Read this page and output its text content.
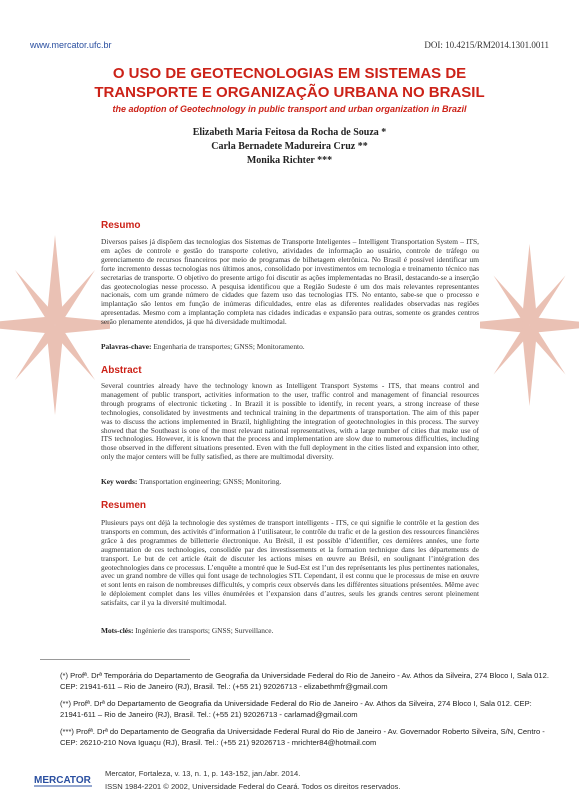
www.mercator.ufc.br	DOI: 10.4215/RM2014.1301.0011
O USO DE GEOTECNOLOGIAS EM SISTEMAS DE
TRANSPORTE E ORGANIZAÇÃO URBANA NO BRASIL
the adoption of Geotechnology in public transport and urban organization in Brazil
Elizabeth Maria Feitosa da Rocha de Souza *
Carla Bernadete Madureira Cruz **
Monika Richter ***
Resumo
Diversos países já dispõem das tecnologias dos Sistemas de Transporte Inteligentes – Intelligent Transportation System – ITS, em ações de controle e gestão do transporte coletivo, atividades de informação ao usuário, controle de tráfego ou gerenciamento de recursos financeiros por meio de programas de bilhetagem eletrônica. No Brasil é possível identificar um forte incremento dessas tecnologias nos últimos anos, consolidado por investimentos em tecnologia e treinamento técnico nas secretarias de transporte. O objetivo do presente artigo foi discutir as ações implementadas no Brasil, destacando-se a inserção das geotecnologias nesse processo. A pesquisa identificou que a Região Sudeste é um dos mais relevantes representantes nacionais, com um grande número de cidades que fazem uso das tecnologias ITS. No entanto, sabe-se que o processo e implantação são lentos em função de inúmeras dificuldades, entre elas as diferentes realidades observadas nas regiões apresentadas. Mesmo com a implantação completa nas cidades indicadas e expansão para outras, somente os grandes centros serão plenamente atendidos, já que há diversidade multimodal.
Palavras-chave: Engenharia de transportes; GNSS; Monitoramento.
Abstract
Several countries already have the technology known as Intelligent Transport Systems - ITS, that means control and management of public transport, activities information to the user, traffic control and management of financial resources through programs of electronic ticketing . In Brazil it is possible to identify, in recent years, a strong increase of these technologies, consolidated by investments and technical training in the departments of transportation. The aim of this paper was to discuss the actions implemented in Brazil, highlighting the integration of geotechnologies in this process. The survey showed that the Southeast is one of the most relevant national representatives, with a large number of cities that make use of ITS technologies. However, it is known that the process and implementation are slow due to numerous difficulties, including those observed in the different situations presented. Even with the full deployment in the cities listed and expansion into other, only the major centers will be fully satisfied, as there are multimodal diversity.
Key words: Transportation engineering; GNSS; Monitoring.
Resumen
Plusieurs pays ont déjà la technologie des systèmes de transport intelligents - ITS, ce qui signifie le contrôle et la gestion des transports en commun, des activités d’information à l’utilisateur, le contrôle du trafic et de la gestion des ressources financières grâce à des programmes de billetterie électronique. Au Brésil, il est possible d’identifier, ces dernières années, une forte augmentation de ces technologies, consolidée par des investissements et la formation technique dans les départements de transport. Le but de cet article était de discuter les actions mises en œuvre au Brésil, en soulignant l’intégration des geotechnologies dans ce processus. L’enquête a montré que le Sud-Est est l’un des représentants les plus pertinentes nationales, avec un grand nombre de villes qui font usage de technologies STI. Cependant, il est connu que le processus de mise en œuvre et sont lents en raison de nombreuses difficultés, y compris ceux observés dans les différentes situations présentées. Même avec le déploiement complet dans les villes énumérées et l’expansion dans d’autres, seuls les grands centres seront pleinement satisfaits, car il ya la diversité multimodal.
Mots-clés: Ingénierie des transports; GNSS; Surveillance.
(*) Profª. Drª Temporária do Departamento de Geografia da Universidade Federal do Rio de Janeiro - Av. Athos da Silveira, 274 Bloco I, Sala 012. CEP: 21941-611 – Rio de Janeiro (RJ), Brasil. Tel.: (+55 21) 92026713 - elizabethmfr@gmail.com
(**) Profª. Drª do Departamento de Geografia da Universidade Federal do Rio de Janeiro - Av. Athos da Silveira, 274 Bloco I, Sala 012. CEP: 21941-611 – Rio de Janeiro (RJ), Brasil. Tel.: (+55 21) 92026713 - carlamad@gmail.com
(***) Profª. Drª do Departamento de Geografia da Universidade Federal Rural do Rio de Janeiro - Av. Governador Roberto Silveira, S/N, Centro - CEP: 26210-210 Nova Iguaçu (RJ), Brasil. Tel.: (+55 21) 92026713 - mrichter84@hotmail.com
MERCATOR
Mercator, Fortaleza, v. 13, n. 1, p. 143-152, jan./abr. 2014.
ISSN 1984-2201 © 2002, Universidade Federal do Ceará. Todos os direitos reservados.
